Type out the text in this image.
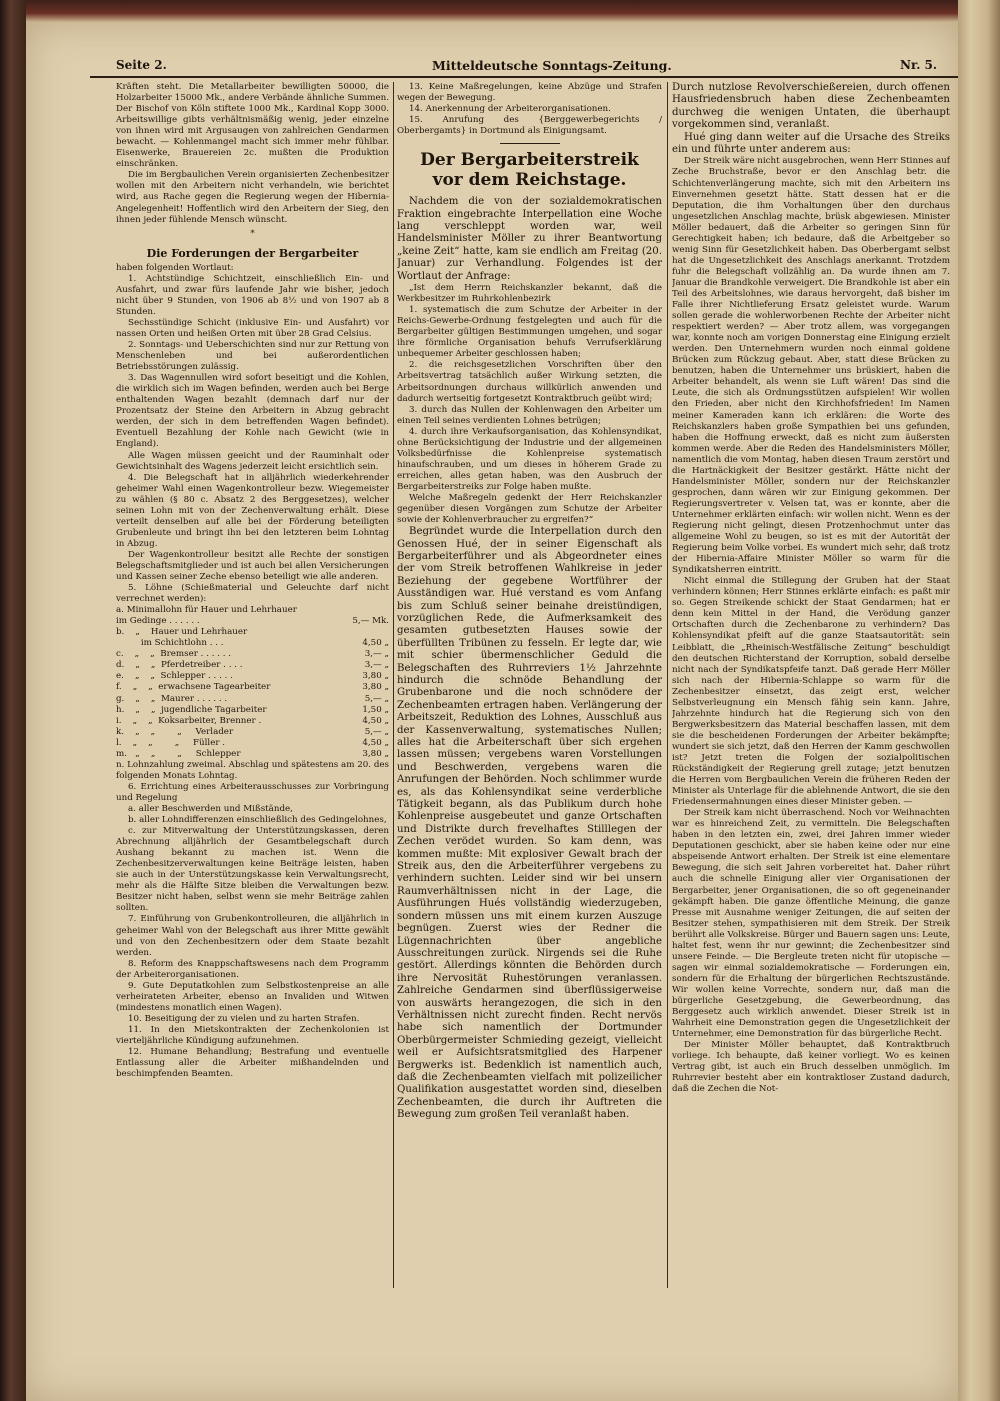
Seite 2.	Mitteldeutsche Sonntags-Zeitung.	Nr. 5.

Kräften steht. Die Metallarbeiter bewilligten 50000, die Holzarbeiter 15000 Mk., andere Verbände ähnliche Summen. Der Bischof von Köln stiftete 1000 Mk., Kardinal Kopp 3000. Arbeitswillige gibts verhältnismäßig wenig, jeder einzelne von ihnen wird mit Argusaugen von zahlreichen Gendarmen bewacht. — Kohlenmangel macht sich immer mehr fühlbar. Eisenwerke, Brauereien 2c. mußten die Produktion einschränken.

Die im Bergbaulichen Verein organisierten Zechenbesitzer wollen mit den Arbeitern nicht verhandeln, wie berichtet wird, aus Rache gegen die Regierung wegen der Hibernia-Angelegenheit! Hoffentlich wird den Arbeitern der Sieg, den ihnen jeder fühlende Mensch wünscht.

*
Die Forderungen der Bergarbeiter

haben folgenden Wortlaut:

1. Achtstündige Schichtzeit, einschließlich Ein- und Ausfahrt, und zwar fürs laufende Jahr wie bisher, jedoch nicht über 9 Stunden, von 1906 ab 8½ und von 1907 ab 8 Stunden.

Sechsstündige Schicht (inklusive Ein- und Ausfahrt) vor nassen Orten und heißen Orten mit über 28 Grad Celsius.

2. Sonntags- und Ueberschichten sind nur zur Rettung von Menschenleben und bei außerordentlichen Betriebsstörungen zulässig.

3. Das Wagennullen wird sofort beseitigt und die Kohlen, die wirklich sich im Wagen befinden, werden auch bei Berge enthaltenden Wagen bezahlt (demnach darf nur der Prozentsatz der Steine den Arbeitern in Abzug gebracht werden, der sich in dem betreffenden Wagen befindet). Eventuell Bezahlung der Kohle nach Gewicht (wie in England).

Alle Wagen müssen geeicht und der Rauminhalt oder Gewichtsinhalt des Wagens jederzeit leicht ersichtlich sein.

4. Die Belegschaft hat in alljährlich wiederkehrender geheimer Wahl einen Wagenkontrolleur bezw. Wiegemeister zu wählen (§ 80 c. Absatz 2 des Berggesetzes), welcher seinen Lohn mit von der Zechenverwaltung erhält. Diese verteilt denselben auf alle bei der Förderung beteiligten Grubenleute und bringt ihn bei den letzteren beim Lohntag in Abzug.

Der Wagenkontrolleur besitzt alle Rechte der sonstigen Belegschaftsmitglieder und ist auch bei allen Versicherungen und Kassen seiner Zeche ebenso beteiligt wie alle anderen.

5. Löhne (Schießmaterial und Geleuchte darf nicht verrechnet werden):

a. Minimallohn für Hauer und Lehrhauer

im Gedinge . . . . . .	5,— Mk.
b.    „    Hauer und Lehrhauer
im Schichtlohn . . .	4,50 „
c.    „    „  Bremser . . . . . .	3,— „
d.    „    „  Pferdetreiber . . . .	3,— „
e.    „    „  Schlepper . . . . .	3,80 „
f.    „    „  erwachsene Tagearbeiter	3,80 „
g.    „    „  Maurer . . . . . .	5,— „
h.    „    „  jugendliche Tagarbeiter	1,50 „
i.    „    „  Koksarbeiter, Brenner .	4,50 „
k.    „    „        „     Verlader	5,— „
l.    „    „        „     Füller .	4,50 „
m.   „    „        „     Schlepper	3,80 „

n. Lohnzahlung zweimal. Abschlag und spätestens am 20. des folgenden Monats Lohntag.

6. Errichtung eines Arbeiterausschusses zur Vorbringung und Regelung

a. aller Beschwerden und Mißstände,

b. aller Lohndifferenzen einschließlich des Gedingelohnes,

c. zur Mitverwaltung der Unterstützungskassen, deren Abrechnung alljährlich der Gesamtbelegschaft durch Aushang bekannt zu machen ist. Wenn die Zechenbesitzerverwaltungen keine Beiträge leisten, haben sie auch in der Unterstützungskasse kein Verwaltungsrecht, mehr als die Hälfte Sitze bleiben die Verwaltungen bezw. Besitzer nicht haben, selbst wenn sie mehr Beiträge zahlen sollten.

7. Einführung von Grubenkontrolleuren, die alljährlich in geheimer Wahl von der Belegschaft aus ihrer Mitte gewählt und von den Zechenbesitzern oder dem Staate bezahlt werden.

8. Reform des Knappschaftswesens nach dem Programm der Arbeiterorganisationen.

9. Gute Deputatkohlen zum Selbstkostenpreise an alle verheirateten Arbeiter, ebenso an Invaliden und Witwen (mindestens monatlich einen Wagen).

10. Beseitigung der zu vielen und zu harten Strafen.

11. In den Mietskontrakten der Zechenkolonien ist vierteljährliche Kündigung aufzunehmen.

12. Humane Behandlung; Bestrafung und eventuelle Entlassung aller die Arbeiter mißhandelnden und beschimpfenden Beamten.

13. Keine Maßregelungen, keine Abzüge und Strafen wegen der Bewegung.

14. Anerkennung der Arbeiterorganisationen.

15. Anrufung des {Berggewerbegerichts / Oberbergamts} in Dortmund als Einigungsamt.

Der Bergarbeiterstreik
vor dem Reichstage.

Nachdem die von der sozialdemokratischen Fraktion eingebrachte Interpellation eine Woche lang verschleppt worden war, weil Handelsminister Möller zu ihrer Beantwortung „keine Zeit“ hatte, kam sie endlich am Freitag (20. Januar) zur Verhandlung. Folgendes ist der Wortlaut der Anfrage:

„Ist dem Herrn Reichskanzler bekannt, daß die Werkbesitzer im Ruhrkohlenbezirk

1. systematisch die zum Schutze der Arbeiter in der Reichs-Gewerbe-Ordnung festgelegten und auch für die Bergarbeiter gültigen Bestimmungen umgehen, und sogar ihre förmliche Organisation behufs Verrufserklärung unbequemer Arbeiter geschlossen haben;

2. die reichsgesetzlichen Vorschriften über den Arbeitsvertrag tatsächlich außer Wirkung setzten, die Arbeitsordnungen durchaus willkürlich anwenden und dadurch wertseitig fortgesetzt Kontraktbruch geübt wird;

3. durch das Nullen der Kohlenwagen den Arbeiter um einen Teil seines verdienten Lohnes betrügen;

4. durch ihre Verkaufsorganisation, das Kohlensyndikat, ohne Berücksichtigung der Industrie und der allgemeinen Volksbedürfnisse die Kohlenpreise systematisch hinaufschrauben, und um dieses in höherem Grade zu erreichen, alles getan haben, was den Ausbruch der Bergarbeiterstreiks zur Folge haben mußte.

Welche Maßregeln gedenkt der Herr Reichskanzler gegenüber diesen Vorgängen zum Schutze der Arbeiter sowie der Kohlenverbraucher zu ergreifen?“

Begründet wurde die Interpellation durch den Genossen Hué, der in seiner Eigenschaft als Bergarbeiterführer und als Abgeordneter eines der vom Streik betroffenen Wahlkreise in jeder Beziehung der gegebene Wortführer der Ausständigen war. Hué verstand es vom Anfang bis zum Schluß seiner beinahe dreistündigen, vorzüglichen Rede, die Aufmerksamkeit des gesamten gutbesetzten Hauses sowie der überfüllten Tribünen zu fesseln. Er legte dar, wie mit schier übermenschlicher Geduld die Belegschaften des Ruhrreviers 1½ Jahrzehnte hindurch die schnöde Behandlung der Grubenbarone und die noch schnödere der Zechenbeamten ertragen haben. Verlängerung der Arbeitszeit, Reduktion des Lohnes, Ausschluß aus der Kassenverwaltung, systematisches Nullen; alles hat die Arbeiterschaft über sich ergehen lassen müssen; vergebens waren Vorstellungen und Beschwerden, vergebens waren die Anrufungen der Behörden. Noch schlimmer wurde es, als das Kohlensyndikat seine verderbliche Tätigkeit begann, als das Publikum durch hohe Kohlenpreise ausgebeutet und ganze Ortschaften und Distrikte durch frevelhaftes Stilllegen der Zechen verödet wurden. So kam denn, was kommen mußte: Mit explosiver Gewalt brach der Streik aus, den die Arbeiterführer vergebens zu verhindern suchten. Leider sind wir bei unsern Raumverhältnissen nicht in der Lage, die Ausführungen Hués vollständig wiederzugeben, sondern müssen uns mit einem kurzen Auszuge begnügen. Zuerst wies der Redner die Lügennachrichten über angebliche Ausschreitungen zurück. Nirgends sei die Ruhe gestört. Allerdings könnten die Behörden durch ihre Nervosität Ruhestörungen veranlassen. Zahlreiche Gendarmen sind überflüssigerweise von auswärts herangezogen, die sich in den Verhältnissen nicht zurecht finden. Recht nervös habe sich namentlich der Dortmunder Oberbürgermeister Schmieding gezeigt, vielleicht weil er Aufsichtsratsmitglied des Harpener Bergwerks ist. Bedenklich ist namentlich auch, daß die Zechenbeamten vielfach mit polizeilicher Qualifikation ausgestattet worden sind, dieselben Zechenbeamten, die durch ihr Auftreten die Bewegung zum großen Teil veranlaßt haben.

Durch nutzlose Revolverschießereien, durch offenen Hausfriedensbruch haben diese Zechenbeamten durchweg die wenigen Untaten, die überhaupt vorgekommen sind, veranlaßt.

Hué ging dann weiter auf die Ursache des Streiks ein und führte unter anderem aus:

Der Streik wäre nicht ausgebrochen, wenn Herr Stinnes auf Zeche Bruchstraße, bevor er den Anschlag betr. die Schichtenverlängerung machte, sich mit den Arbeitern ins Einvernehmen gesetzt hätte. Statt dessen hat er die Deputation, die ihm Vorhaltungen über den durchaus ungesetzlichen Anschlag machte, brüsk abgewiesen. Minister Möller bedauert, daß die Arbeiter so geringen Sinn für Gerechtigkeit haben; ich bedaure, daß die Arbeitgeber so wenig Sinn für Gesetzlichkeit haben. Das Oberbergamt selbst hat die Ungesetzlichkeit des Anschlags anerkannt. Trotzdem fuhr die Belegschaft vollzählig an. Da wurde ihnen am 7. Januar die Brandkohle verweigert. Die Brandkohle ist aber ein Teil des Arbeitslohnes, wie daraus hervorgeht, daß bisher im Falle ihrer Nichtlieferung Ersatz geleistet wurde. Warum sollen gerade die wohlerworbenen Rechte der Arbeiter nicht respektiert werden? — Aber trotz allem, was vorgegangen war, konnte noch am vorigen Donnerstag eine Einigung erzielt werden. Den Unternehmern wurden noch einmal goldene Brücken zum Rückzug gebaut. Aber, statt diese Brücken zu benutzen, haben die Unternehmer uns brüskiert, haben die Arbeiter behandelt, als wenn sie Luft wären! Das sind die Leute, die sich als Ordnungsstützen aufspielen! Wir wollen den Frieden, aber nicht den Kirchhofsfrieden! Im Namen meiner Kameraden kann ich erklären: die Worte des Reichskanzlers haben große Sympathien bei uns gefunden, haben die Hoffnung erweckt, daß es nicht zum äußersten kommen werde. Aber die Reden des Handelsministers Möller, namentlich die vom Montag, haben diesen Traum zerstört und die Hartnäckigkeit der Besitzer gestärkt. Hätte nicht der Handelsminister Möller, sondern nur der Reichskanzler gesprochen, dann wären wir zur Einigung gekommen. Der Regierungsvertreter v. Velsen tat, was er konnte, aber die Unternehmer erklärten einfach: wir wollen nicht. Wenn es der Regierung nicht gelingt, diesen Protzenhochmut unter das allgemeine Wohl zu beugen, so ist es mit der Autorität der Regierung beim Volke vorbei. Es wundert mich sehr, daß trotz der Hibernia-Affaire Minister Möller so warm für die Syndikatsherren eintritt.

Nicht einmal die Stillegung der Gruben hat der Staat verhindern können; Herr Stinnes erklärte einfach: es paßt mir so. Gegen Streikende schickt der Staat Gendarmen; hat er denn kein Mittel in der Hand, die Verödung ganzer Ortschaften durch die Zechenbarone zu verhindern? Das Kohlensyndikat pfeift auf die ganze Staatsautorität: sein Leibblatt, die „Rheinisch-Westfälische Zeitung“ beschuldigt den deutschen Richterstand der Korruption, sobald derselbe nicht nach der Syndikatspfeife tanzt. Daß gerade Herr Möller sich nach der Hibernia-Schlappe so warm für die Zechenbesitzer einsetzt, das zeigt erst, welcher Selbstverleugnung ein Mensch fähig sein kann. Jahre, Jahrzehnte hindurch hat die Regierung sich von den Bergwerksbesitzern das Material beschaffen lassen, mit dem sie die bescheidenen Forderungen der Arbeiter bekämpfte; wundert sie sich jetzt, daß den Herren der Kamm geschwollen ist? Jetzt treten die Folgen der sozialpolitischen Rückständigkeit der Regierung grell zutage; jetzt benutzen die Herren vom Bergbaulichen Verein die früheren Reden der Minister als Unterlage für die ablehnende Antwort, die sie den Friedensermahnungen eines dieser Minister geben. —

Der Streik kam nicht überraschend. Noch vor Weihnachten war es hinreichend Zeit, zu vermitteln. Die Belegschaften haben in den letzten ein, zwei, drei Jahren immer wieder Deputationen geschickt, aber sie haben keine oder nur eine abspeisende Antwort erhalten. Der Streik ist eine elementare Bewegung, die sich seit Jahren vorbereitet hat. Daher rührt auch die schnelle Einigung aller vier Organisationen der Bergarbeiter, jener Organisationen, die so oft gegeneinander gekämpft haben. Die ganze öffentliche Meinung, die ganze Presse mit Ausnahme weniger Zeitungen, die auf seiten der Besitzer stehen, sympathisieren mit dem Streik. Der Streik berührt alle Volkskreise. Bürger und Bauern sagen uns: Leute, haltet fest, wenn ihr nur gewinnt; die Zechenbesitzer sind unsere Feinde. — Die Bergleute treten nicht für utopische — sagen wir einmal sozialdemokratische — Forderungen ein, sondern für die Erhaltung der bürgerlichen Rechtszustände. Wir wollen keine Vorrechte, sondern nur, daß man die bürgerliche Gesetzgebung, die Gewerbeordnung, das Berggesetz auch wirklich anwendet. Dieser Streik ist in Wahrheit eine Demonstration gegen die Ungesetzlichkeit der Unternehmer, eine Demonstration für das bürgerliche Recht.

Der Minister Möller behauptet, daß Kontraktbruch vorliege. Ich behaupte, daß keiner vorliegt. Wo es keinen Vertrag gibt, ist auch ein Bruch desselben unmöglich. Im Ruhrrevier besteht aber ein kontraktloser Zustand dadurch, daß die Zechen die Not-
